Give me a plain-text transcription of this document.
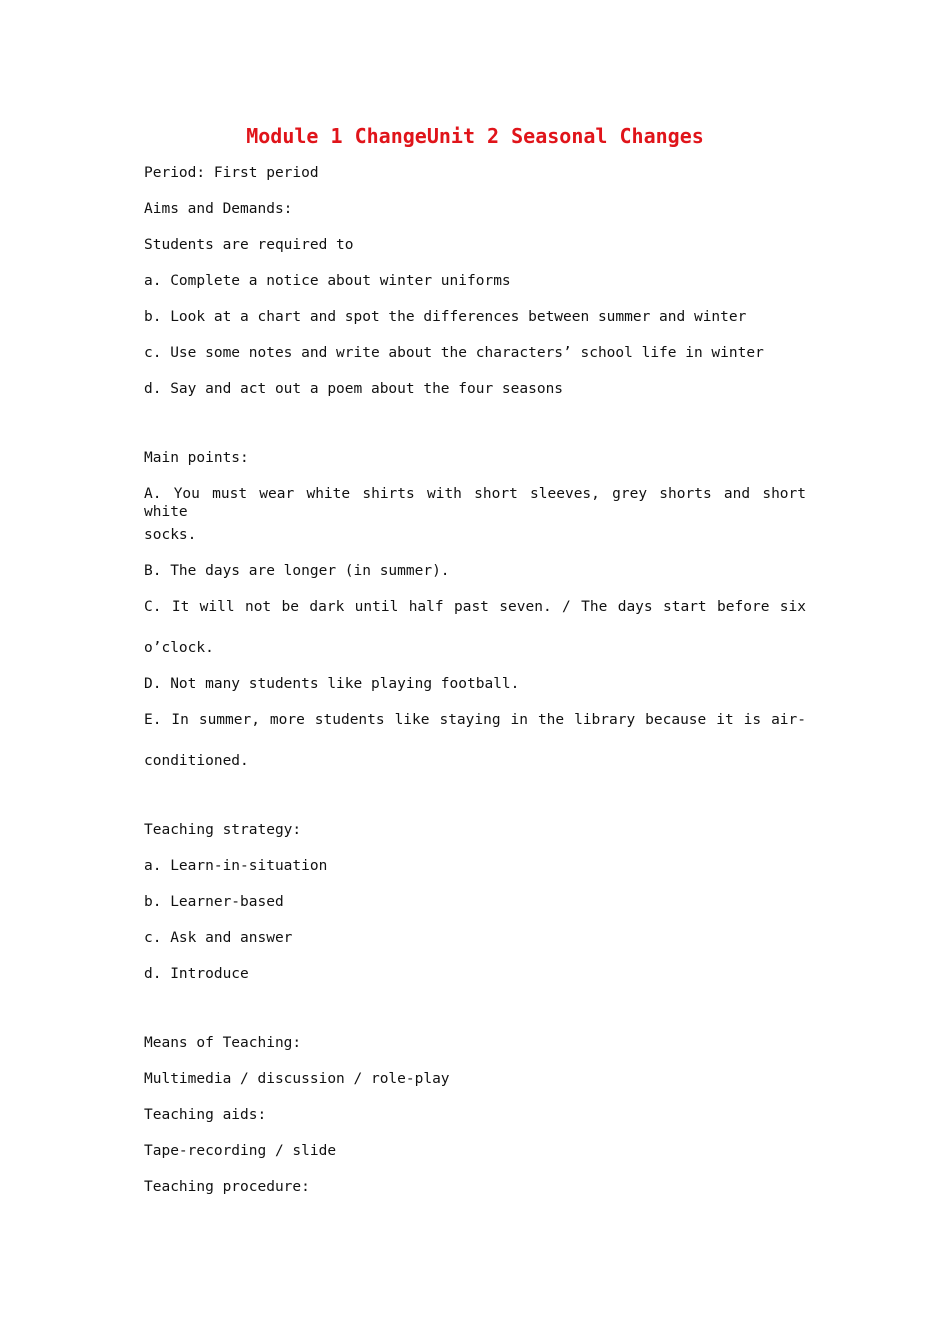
Module 1 ChangeUnit 2 Seasonal Changes
Period: First period
Aims and Demands:
Students are required to
a. Complete a notice about winter uniforms
b. Look at a chart and spot the differences between summer and winter
c. Use some notes and write about the characters’ school life in winter
d. Say and act out a poem about the four seasons
Main points:
A. You must wear white shirts with short sleeves, grey shorts and short white
socks.
B. The days are longer (in summer).
C. It will not be dark until half past seven. / The days start before six
o’clock.
D. Not many students like playing football.
E. In summer, more students like staying in the library because it is air-
conditioned.
Teaching strategy:
a. Learn-in-situation
b. Learner-based
c. Ask and answer
d. Introduce
Means of Teaching:
Multimedia / discussion / role-play
Teaching aids:
Tape-recording / slide
Teaching procedure:
